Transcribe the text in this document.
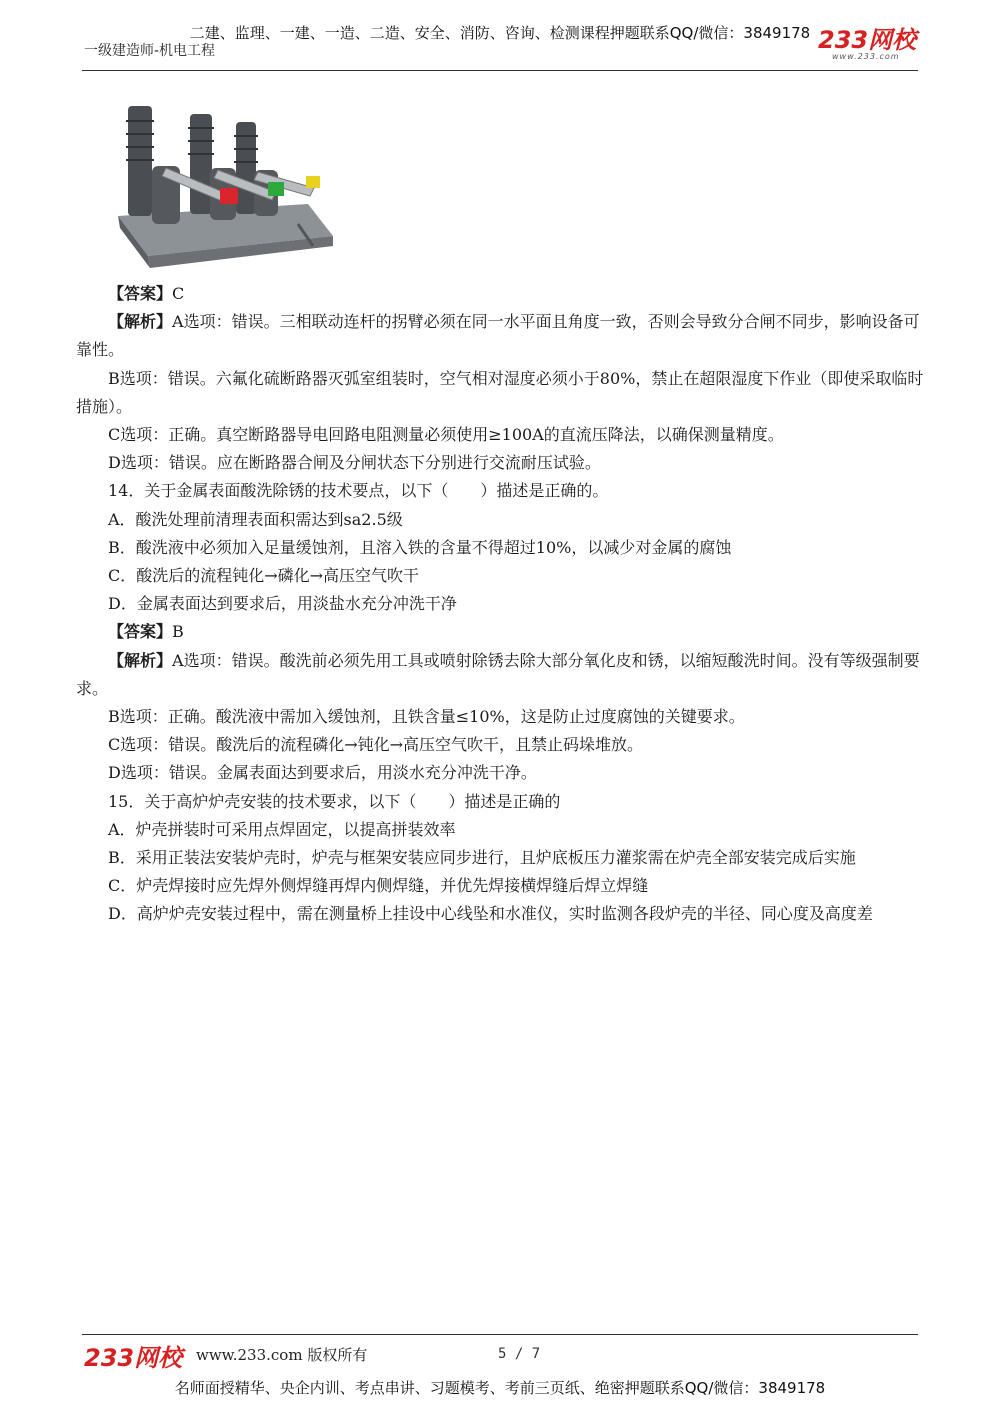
二建、监理、一建、一造、二造、安全、消防、咨询、检测课程押题联系QQ/微信：3849178
一级建造师-机电工程	233网校
www.233.com

【答案】C

【解析】A选项：错误。三相联动连杆的拐臂必须在同一水平面且角度一致，否则会导致分合闸不同步，影响设备可靠性。

B选项：错误。六氟化硫断路器灭弧室组装时，空气相对湿度必须小于80%，禁止在超限湿度下作业（即使采取临时措施）。

C选项：正确。真空断路器导电回路电阻测量必须使用≥100A的直流压降法，以确保测量精度。

D选项：错误。应在断路器合闸及分闸状态下分别进行交流耐压试验。

14．关于金属表面酸洗除锈的技术要点，以下（　　）描述是正确的。

A．酸洗处理前清理表面积需达到sa2.5级

B．酸洗液中必须加入足量缓蚀剂，且溶入铁的含量不得超过10%，以减少对金属的腐蚀

C．酸洗后的流程钝化→磷化→高压空气吹干

D．金属表面达到要求后，用淡盐水充分冲洗干净

【答案】B

【解析】A选项：错误。酸洗前必须先用工具或喷射除锈去除大部分氧化皮和锈，以缩短酸洗时间。没有等级强制要求。

B选项：正确。酸洗液中需加入缓蚀剂，且铁含量≤10%，这是防止过度腐蚀的关键要求。

C选项：错误。酸洗后的流程磷化→钝化→高压空气吹干，且禁止码垛堆放。

D选项：错误。金属表面达到要求后，用淡水充分冲洗干净。

15．关于高炉炉壳安装的技术要求，以下（　　）描述是正确的

A．炉壳拼装时可采用点焊固定，以提高拼装效率

B．采用正装法安装炉壳时，炉壳与框架安装应同步进行，且炉底板压力灌浆需在炉壳全部安装完成后实施

C．炉壳焊接时应先焊外侧焊缝再焊内侧焊缝，并优先焊接横焊缝后焊立焊缝

D．高炉炉壳安装过程中，需在测量桥上挂设中心线坠和水准仪，实时监测各段炉壳的半径、同心度及高度差

233网校 www.233.com 版权所有	5 / 7
名师面授精华、央企内训、考点串讲、习题模考、考前三页纸、绝密押题联系QQ/微信：3849178
